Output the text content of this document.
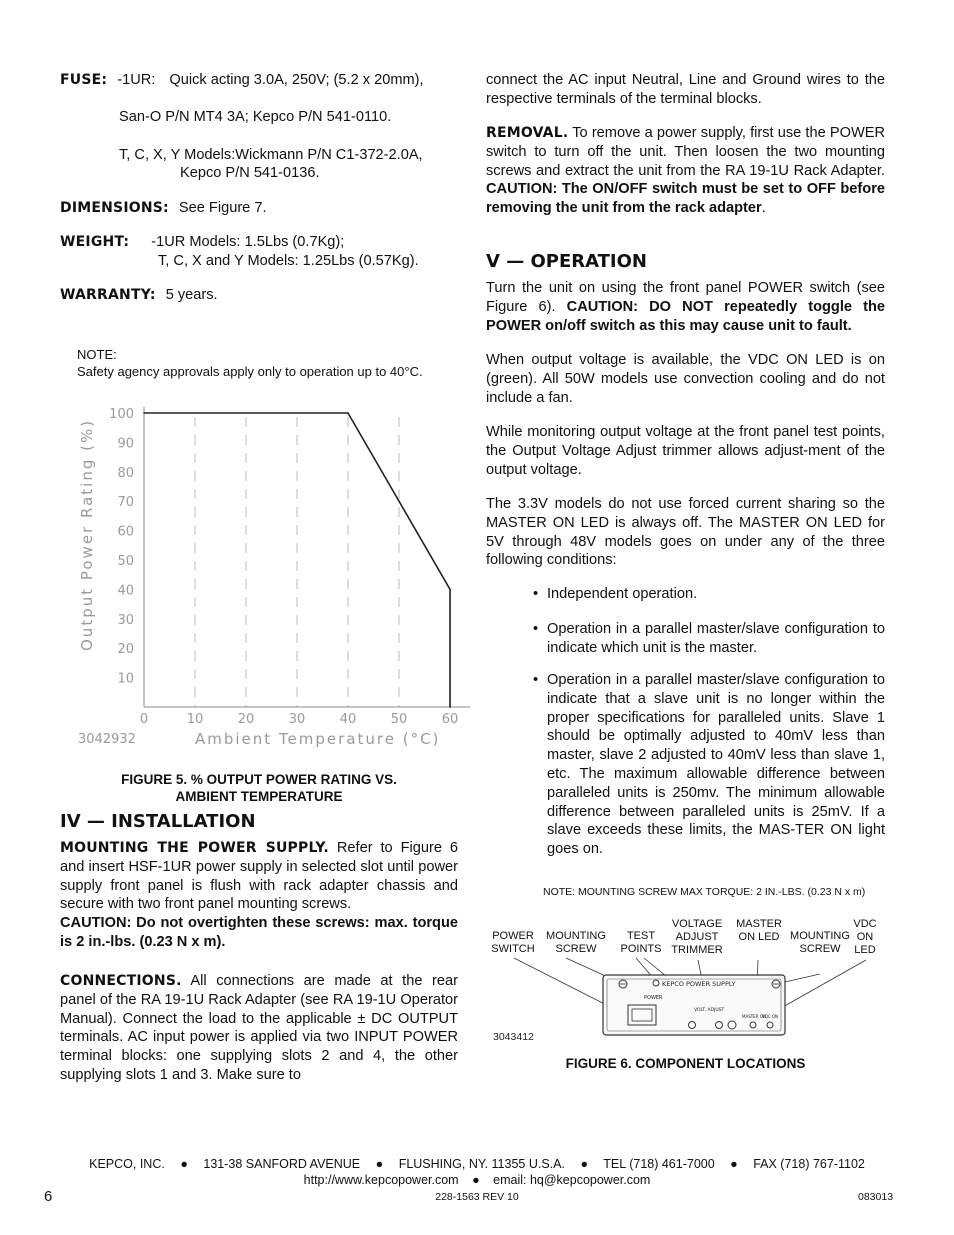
FUSE: -1UR: Quick acting 3.0A, 250V; (5.2 x 20mm),
San-O P/N MT4 3A; Kepco P/N 541-0110.
T, C, X, Y Models:Wickmann P/N C1-372-2.0A,
Kepco P/N 541-0136.
DIMENSIONS: See Figure 7.
WEIGHT: -1UR Models: 1.5Lbs (0.7Kg);
T, C, X and Y Models: 1.25Lbs (0.57Kg).
WARRANTY: 5 years.
NOTE:
Safety agency approvals apply only to operation up to 40°C.
10
20
30
40
50
60
70
80
90
100
0	10	20	30	40	50	60
Output Power Rating (%)
Ambient Temperature (°C)
3042932
FIGURE 5. % OUTPUT POWER RATING VS.
AMBIENT TEMPERATURE
IV — INSTALLATION
MOUNTING THE POWER SUPPLY. Refer to Figure 6 and insert HSF-1UR power supply in selected slot until power supply front panel is flush with rack adapter chassis and secure with two front panel mounting screws.
CAUTION: Do not overtighten these screws: max. torque is 2 in.-lbs. (0.23 N x m).
CONNECTIONS. All connections are made at the rear panel of the RA 19-1U Rack Adapter (see RA 19-1U Operator Manual). Connect the load to the applicable ± DC OUTPUT terminals. AC input power is applied via two INPUT POWER terminal blocks: one supplying slots 2 and 4, the other supplying slots 1 and 3. Make sure to
connect the AC input Neutral, Line and Ground wires to the respective terminals of the terminal blocks.
REMOVAL. To remove a power supply, first use the POWER switch to turn off the unit. Then loosen the two mounting screws and extract the unit from the RA 19-1U Rack Adapter. CAUTION: The ON/OFF switch must be set to OFF before removing the unit from the rack adapter.
V — OPERATION
Turn the unit on using the front panel POWER switch (see Figure 6). CAUTION: DO NOT repeatedly toggle the POWER on/off switch as this may cause unit to fault.
When output voltage is available, the VDC ON LED is on (green). All 50W models use convection cooling and do not include a fan.
While monitoring output voltage at the front panel test points, the Output Voltage Adjust trimmer allows adjust-ment of the output voltage.
The 3.3V models do not use forced current sharing so the MASTER ON LED is always off. The MASTER ON LED for 5V through 48V models goes on under any of the three following conditions:
• Independent operation.
• Operation in a parallel master/slave configuration to indicate which unit is the master.
• Operation in a parallel master/slave configuration to indicate that a slave unit is no longer within the proper specifications for paralleled units. Slave 1 should be optimally adjusted to 40mV less than master, slave 2 adjusted to 40mV less than slave 1, etc. The maximum allowable difference between paralleled units is 250mv. The minimum allowable difference between paralleled units is 25mV. If a slave exceeds these limits, the MAS-TER ON light goes on.
NOTE: MOUNTING SCREW MAX TORQUE: 2 IN.-LBS. (0.23 N x m)
POWER SWITCH
MOUNTING SCREW
TEST POINTS
VOLTAGE ADJUST TRIMMER
MASTER ON LED MOUNTING SCREW
VDC ON LED
KEPCO POWER SUPPLY
POWER
VOLT. ADJUST
MASTER ON
VDC ON
3043412
FIGURE 6. COMPONENT LOCATIONS
KEPCO, INC. ● 131-38 SANFORD AVENUE ● FLUSHING, NY. 11355 U.S.A. ● TEL (718) 461-7000 ● FAX (718) 767-1102
http://www.kepcopower.com ● email: hq@kepcopower.com
6	228-1563 REV 10	083013
